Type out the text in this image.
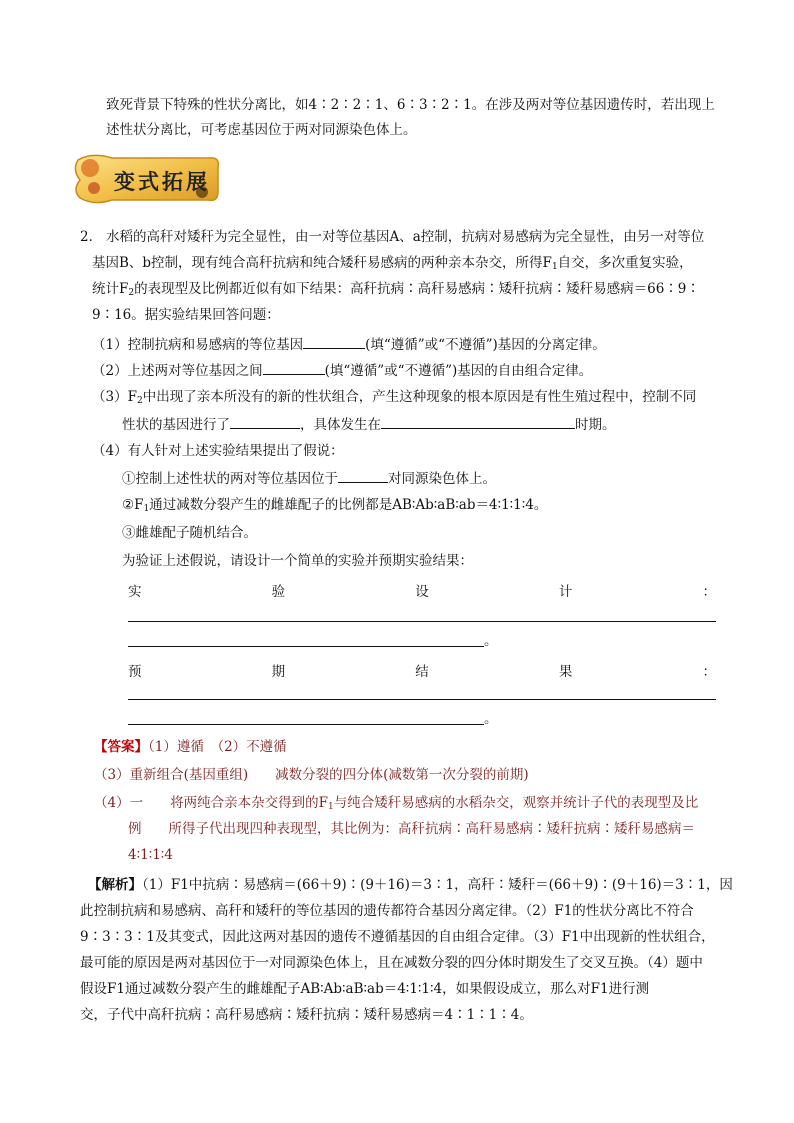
致死背景下特殊的性状分离比，如4∶2∶2∶1、6∶3∶2∶1。在涉及两对等位基因遗传时，若出现上
述性状分离比，可考虑基因位于两对同源染色体上。
变式拓展
2． 水稻的高秆对矮秆为完全显性，由一对等位基因A、a控制，抗病对易感病为完全显性，由另一对等位
基因B、b控制，现有纯合高秆抗病和纯合矮秆易感病的两种亲本杂交，所得$F_1$自交，多次重复实验，
统计$F_2$的表现型及比例都近似有如下结果：高秆抗病∶高秆易感病∶矮秆抗病∶矮秆易感病＝66∶9∶
9∶16。据实验结果回答问题：
（1）控制抗病和易感病的等位基因	(填“遵循”或“不遵循”)基因的分离定律。
（2）上述两对等位基因之间	(填“遵循”或“不遵循”)基因的自由组合定律。
$(3)F_2$中出现了亲本所没有的新的性状组合，产生这种现象的根本原因是有性生殖过程中，控制不同
性状的基因进行了	，具体发生在	时期。
（4）有人针对上述实验结果提出了假说：
①控制上述性状的两对等位基因位于	对同源染色体上。
$②F_1$通过减数分裂产生的雌雄配子的比例都是AB∶Ab∶aB∶ab＝4∶1∶1∶4。
③雌雄配子随机结合。
为验证上述假说，请设计一个简单的实验并预期实验结果：
实	验	设	计	：
。
预	期	结	果	：
。
【答案】（1）遵循　（2）不遵循
（3）重新组合(基因重组)　　减数分裂的四分体(减数第一次分裂的前期)
（4）一　　将两纯合亲本杂交得到的$F_1$与纯合矮秆易感病的水稻杂交，观察并统计子代的表现型及比
例　　所得子代出现四种表现型，其比例为：高秆抗病∶高秆易感病∶矮秆抗病∶矮秆易感病＝
4∶1∶1∶4
【解析】（1）F1中抗病∶易感病＝(66＋9)∶(9＋16)＝3∶1，高秆∶矮秆＝(66＋9)∶(9＋16)＝3∶1，因
此控制抗病和易感病、高秆和矮秆的等位基因的遗传都符合基因分离定律。（2）F1的性状分离比不符合
9∶3∶3∶1及其变式，因此这两对基因的遗传不遵循基因的自由组合定律。（3）F1中出现新的性状组合，
最可能的原因是两对基因位于一对同源染色体上，且在减数分裂的四分体时期发生了交叉互换。（4）题中
假设F1通过减数分裂产生的雌雄配子AB∶Ab∶aB∶ab＝4∶1∶1∶4，如果假设成立，那么对F1进行测
交，子代中高秆抗病∶高秆易感病∶矮秆抗病∶矮秆易感病＝4∶1∶1∶4。
